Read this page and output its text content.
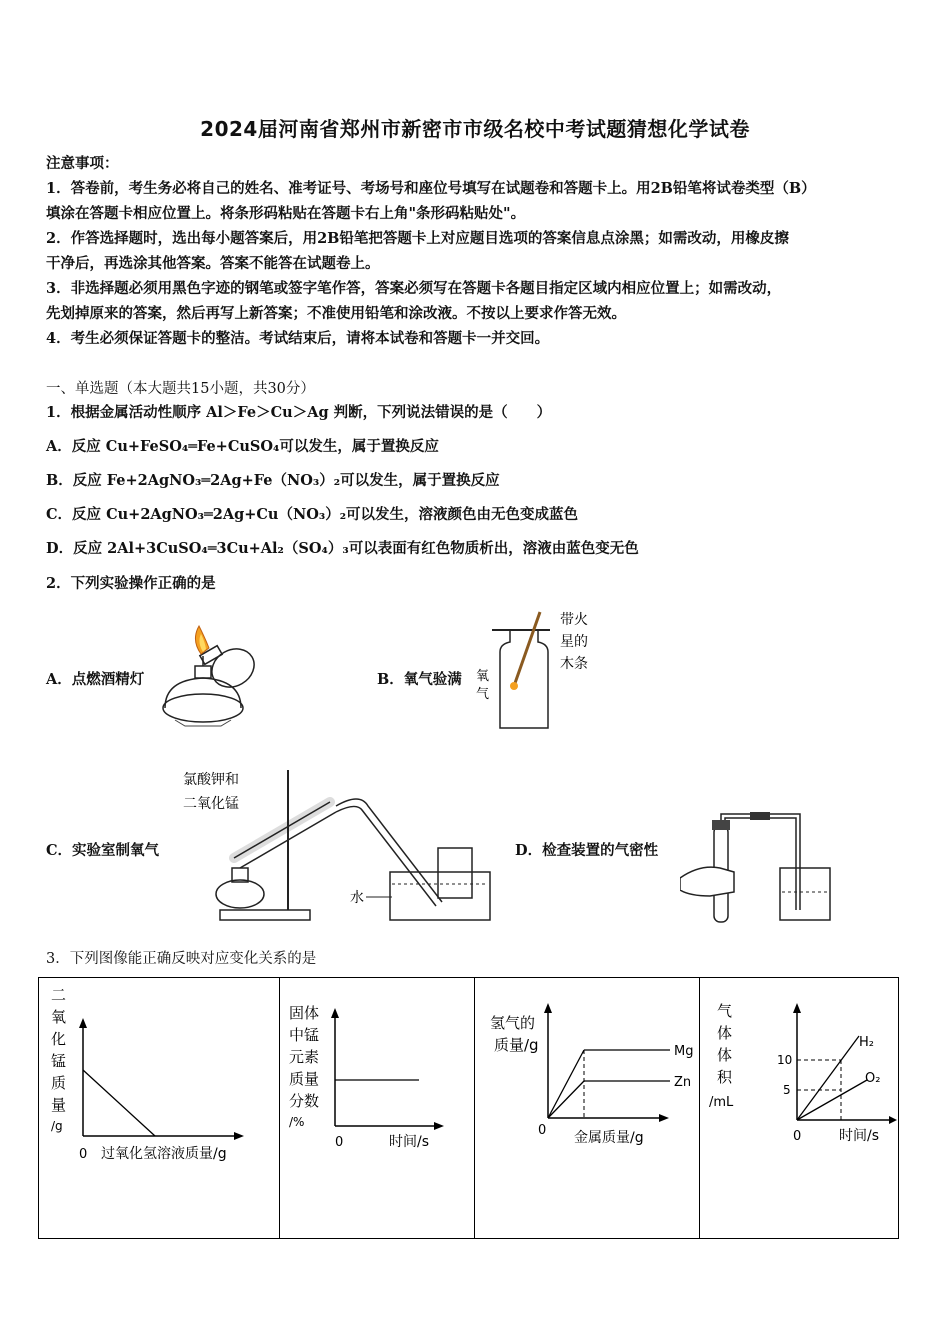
2024届河南省郑州市新密市市级名校中考试题猜想化学试卷
注意事项：
1．答卷前，考生务必将自己的姓名、准考证号、考场号和座位号填写在试题卷和答题卡上。用2B铅笔将试卷类型（B）
填涂在答题卡相应位置上。将条形码粘贴在答题卡右上角"条形码粘贴处"。
2．作答选择题时，选出每小题答案后，用2B铅笔把答题卡上对应题目选项的答案信息点涂黑；如需改动，用橡皮擦
干净后，再选涂其他答案。答案不能答在试题卷上。
3．非选择题必须用黑色字迹的钢笔或签字笔作答，答案必须写在答题卡各题目指定区域内相应位置上；如需改动，
先划掉原来的答案，然后再写上新答案；不准使用铅笔和涂改液。不按以上要求作答无效。
4．考生必须保证答题卡的整洁。考试结束后，请将本试卷和答题卡一并交回。
一、单选题（本大题共15小题，共30分）
1．根据金属活动性顺序 Al＞Fe＞Cu＞Ag 判断，下列说法错误的是（　　）
A．反应 Cu+FeSO₄═Fe+CuSO₄可以发生，属于置换反应
B．反应 Fe+2AgNO₃═2Ag+Fe（NO₃）₂可以发生，属于置换反应
C．反应 Cu+2AgNO₃═2Ag+Cu（NO₃）₂可以发生，溶液颜色由无色变成蓝色
D．反应 2Al+3CuSO₄═3Cu+Al₂（SO₄）₃可以表面有红色物质析出，溶液由蓝色变无色
2．下列实验操作正确的是
A．点燃酒精灯	B．氧气验满
C．实验室制氧气	D．检查装置的气密性
氧
气
带火
星的
木条
氯酸钾和
二氧化锰
水
3．下列图像能正确反映对应变化关系的是
二
氧
化
锰
质
量
/g
0 过氧化氢溶液质量/g
固体
中锰
元素
质量
分数
/%
0	时间/s
氢气的
质量/g	Mg
Zn
0 金属质量/g
气
体
体
积
/mL
10
5
H₂
O₂
0	时间/s
